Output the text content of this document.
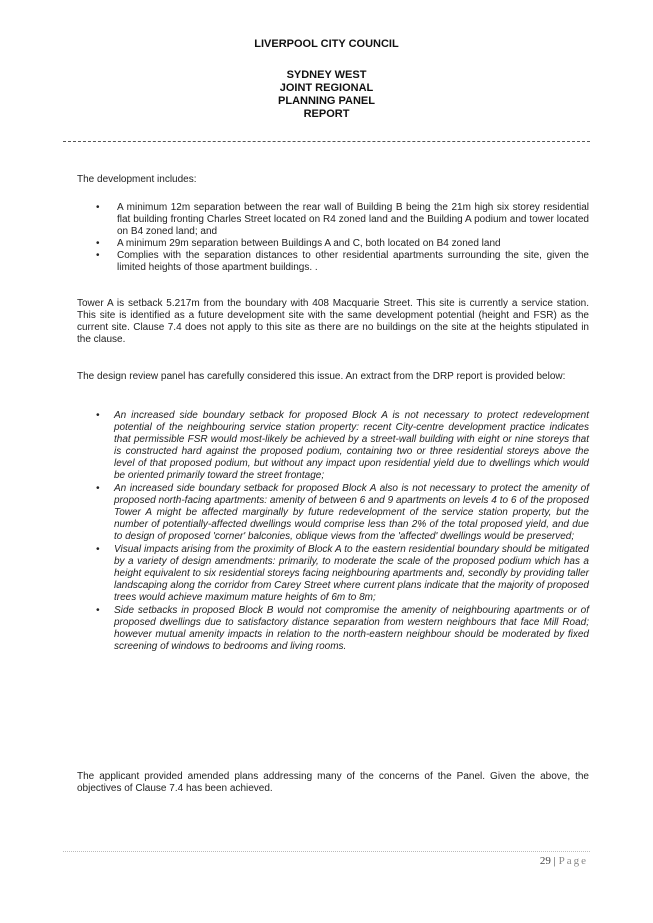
LIVERPOOL CITY COUNCIL
SYDNEY WEST
JOINT REGIONAL
PLANNING PANEL
REPORT
The development includes:
• A minimum 12m separation between the rear wall of Building B being the 21m high six storey residential flat building fronting Charles Street located on R4 zoned land and the Building A podium and tower located on B4 zoned land; and
• A minimum 29m separation between Buildings A and C, both located on B4 zoned land
• Complies with the separation distances to other residential apartments surrounding the site, given the limited heights of those apartment buildings. .
Tower A is setback 5.217m from the boundary with 408 Macquarie Street. This site is currently a service station. This site is identified as a future development site with the same development potential (height and FSR) as the current site. Clause 7.4 does not apply to this site as there are no buildings on the site at the heights stipulated in the clause.
The design review panel has carefully considered this issue. An extract from the DRP report is provided below:
• An increased side boundary setback for proposed Block A is not necessary to protect redevelopment potential of the neighbouring service station property: recent City-centre development practice indicates that permissible FSR would most-likely be achieved by a street-wall building with eight or nine storeys that is constructed hard against the proposed podium, containing two or three residential storeys above the level of that proposed podium, but without any impact upon residential yield due to dwellings which would be oriented primarily toward the street frontage;
• An increased side boundary setback for proposed Block A also is not necessary to protect the amenity of proposed north-facing apartments: amenity of between 6 and 9 apartments on levels 4 to 6 of the proposed Tower A might be affected marginally by future redevelopment of the service station property, but the number of potentially-affected dwellings would comprise less than 2% of the total proposed yield, and due to design of proposed 'corner' balconies, oblique views from the 'affected' dwellings would be preserved;
• Visual impacts arising from the proximity of Block A to the eastern residential boundary should be mitigated by a variety of design amendments: primarily, to moderate the scale of the proposed podium which has a height equivalent to six residential storeys facing neighbouring apartments and, secondly by providing taller landscaping along the corridor from Carey Street where current plans indicate that the majority of proposed trees would achieve maximum mature heights of 6m to 8m;
• Side setbacks in proposed Block B would not compromise the amenity of neighbouring apartments or of proposed dwellings due to satisfactory distance separation from western neighbours that face Mill Road; however mutual amenity impacts in relation to the north-eastern neighbour should be moderated by fixed screening of windows to bedrooms and living rooms.
The applicant provided amended plans addressing many of the concerns of the Panel. Given the above, the objectives of Clause 7.4 has been achieved.
29 | Page
